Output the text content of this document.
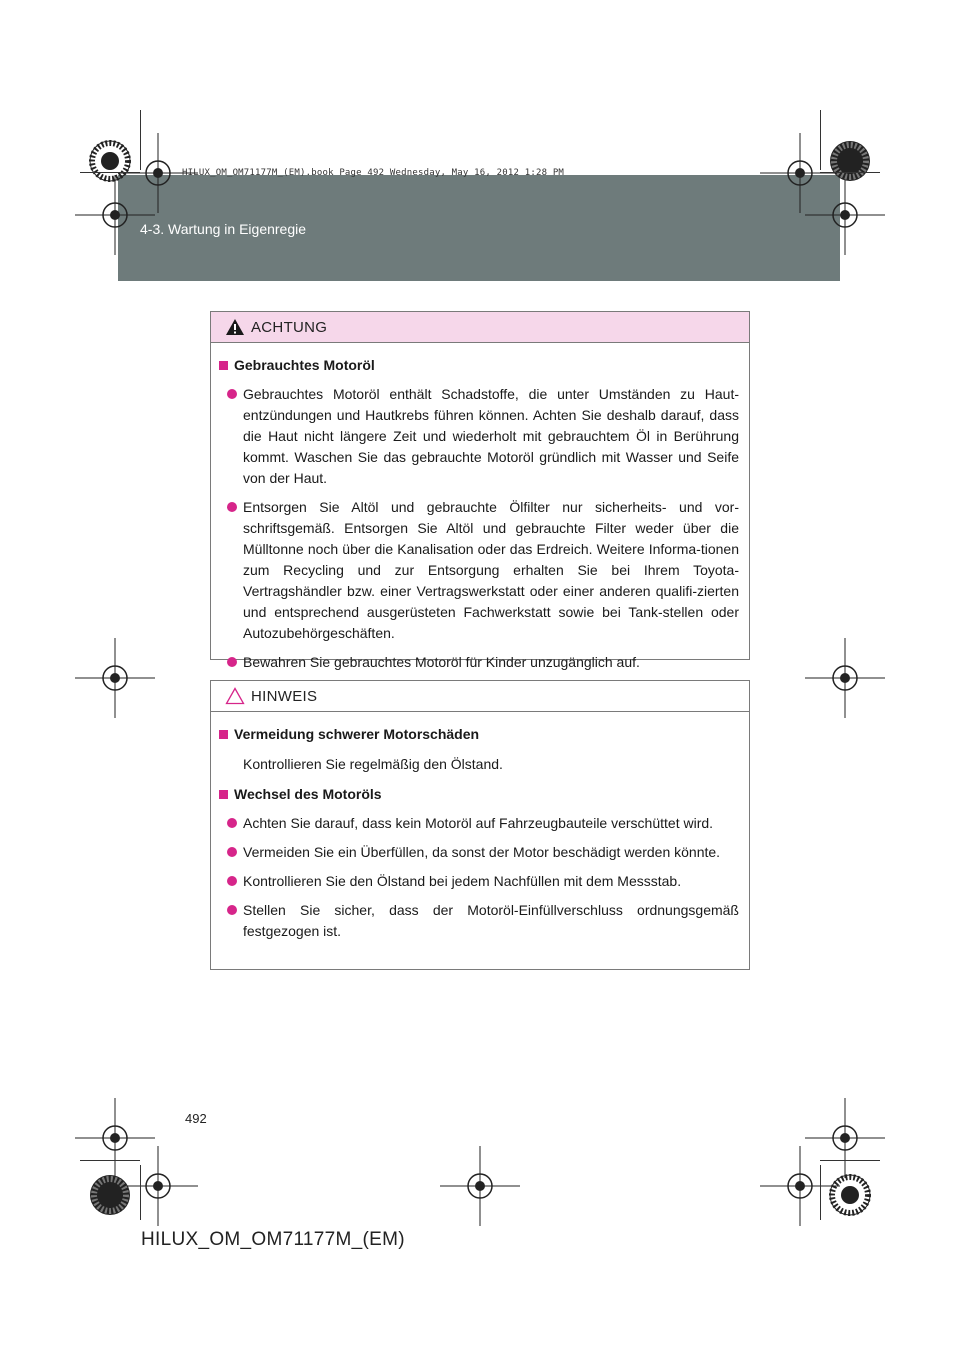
HILUX_OM_OM71177M_(EM).book Page 492 Wednesday, May 16, 2012 1:28 PM
4-3. Wartung in Eigenregie
ACHTUNG
Gebrauchtes Motoröl
Gebrauchtes Motoröl enthält Schadstoffe, die unter Umständen zu Haut-entzündungen und Hautkrebs führen können. Achten Sie deshalb darauf, dass die Haut nicht längere Zeit und wiederholt mit gebrauchtem Öl in Berührung kommt. Waschen Sie das gebrauchte Motoröl gründlich mit Wasser und Seife von der Haut.
Entsorgen Sie Altöl und gebrauchte Ölfilter nur sicherheits- und vor-schriftsgemäß. Entsorgen Sie Altöl und gebrauchte Filter weder über die Mülltonne noch über die Kanalisation oder das Erdreich. Weitere Informa-tionen zum Recycling und zur Entsorgung erhalten Sie bei Ihrem Toyota-Vertragshändler bzw. einer Vertragswerkstatt oder einer anderen qualifi-zierten und entsprechend ausgerüsteten Fachwerkstatt sowie bei Tank-stellen oder Autozubehörgeschäften.
Bewahren Sie gebrauchtes Motoröl für Kinder unzugänglich auf.
HINWEIS
Vermeidung schwerer Motorschäden
Kontrollieren Sie regelmäßig den Ölstand.
Wechsel des Motoröls
Achten Sie darauf, dass kein Motoröl auf Fahrzeugbauteile verschüttet wird.
Vermeiden Sie ein Überfüllen, da sonst der Motor beschädigt werden könnte.
Kontrollieren Sie den Ölstand bei jedem Nachfüllen mit dem Messstab.
Stellen Sie sicher, dass der Motoröl-Einfüllverschluss ordnungsgemäß festgezogen ist.
492
HILUX_OM_OM71177M_(EM)
